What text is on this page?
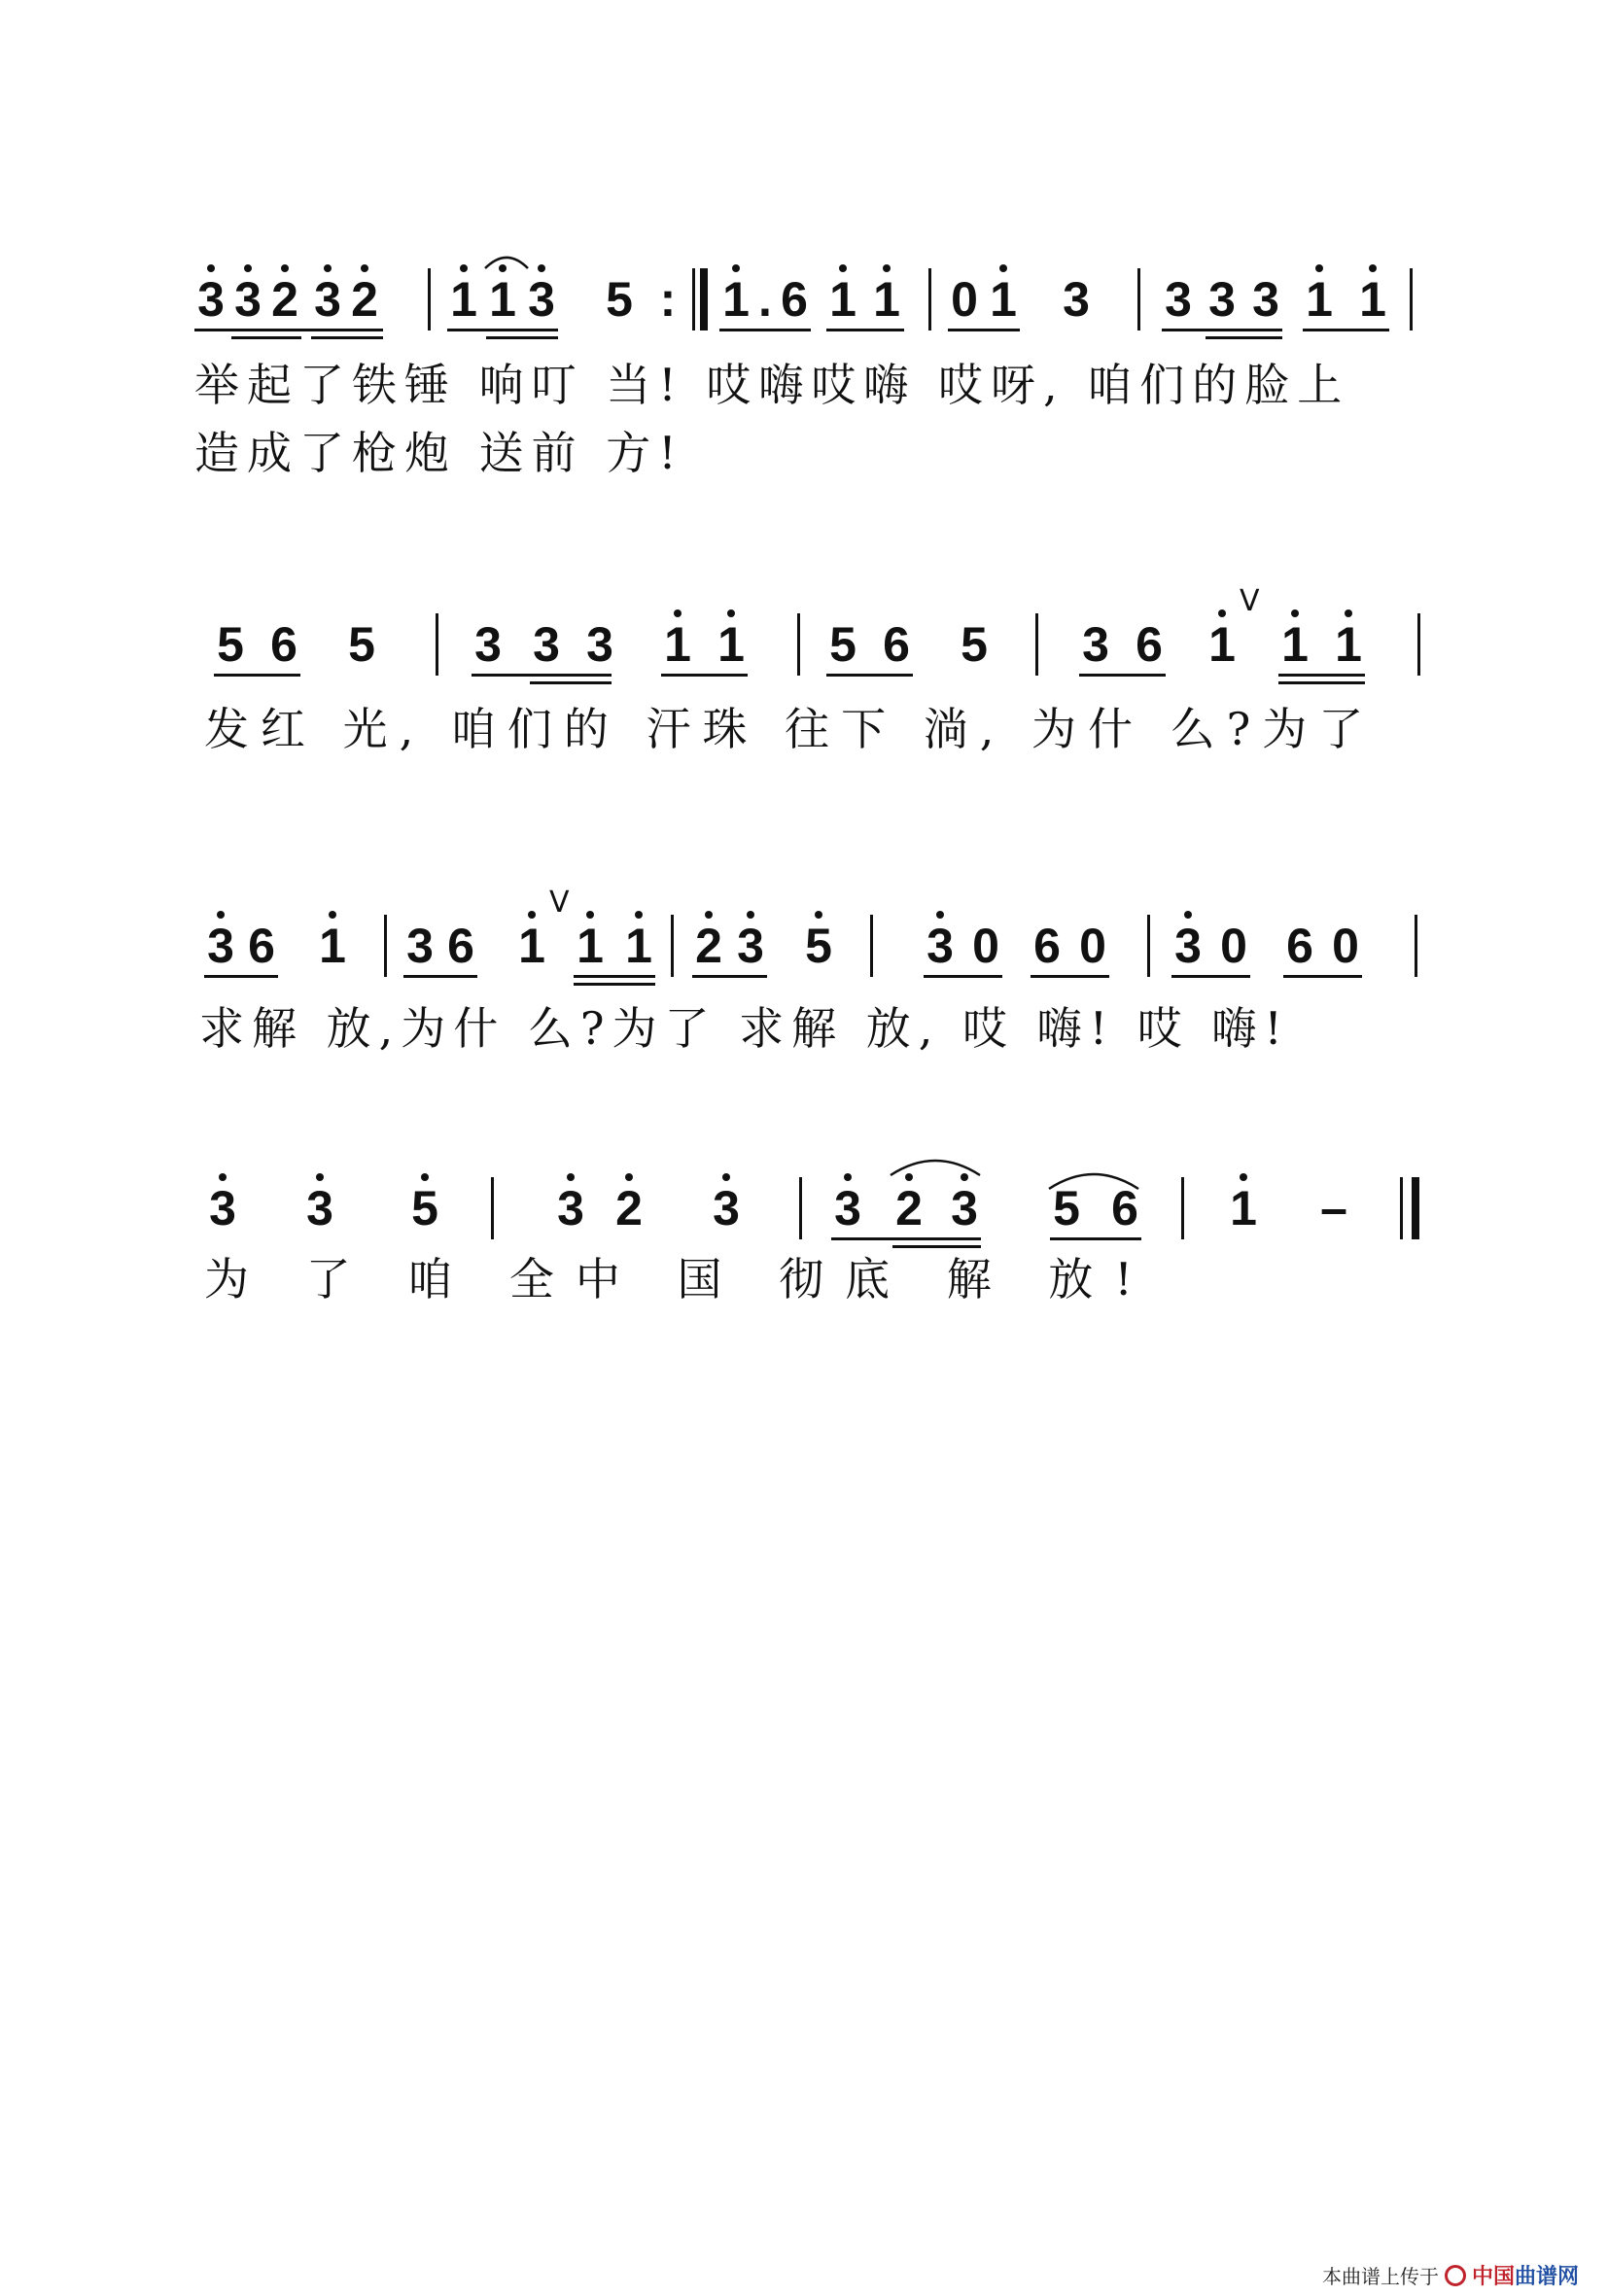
3 3 2 3 2 1 1 3 5 : 1 . 6 1 1 0 1 3 3 3 3 1 1
举起了铁锤 响叮 当! 哎嗨哎嗨 哎呀, 咱们的脸上
造成了枪炮 送前 方!
5 6 5 3 3 3 1 1 5 6 5 3 6 1 1 1
V
发红 光, 咱们的 汗珠 往下 淌, 为什 么?为了
3 6 1 3 6 1 1 1 2 3 5 3 0 6 0 3 0 6 0
V
求解 放,为什 么?为了 求解 放, 哎 嗨! 哎 嗨!
3 3 5 3 2 3 3 2 3 5 6 1 –
为 了 咱 全中 国 彻底 解 放!
本曲谱上传于 中国曲谱网
